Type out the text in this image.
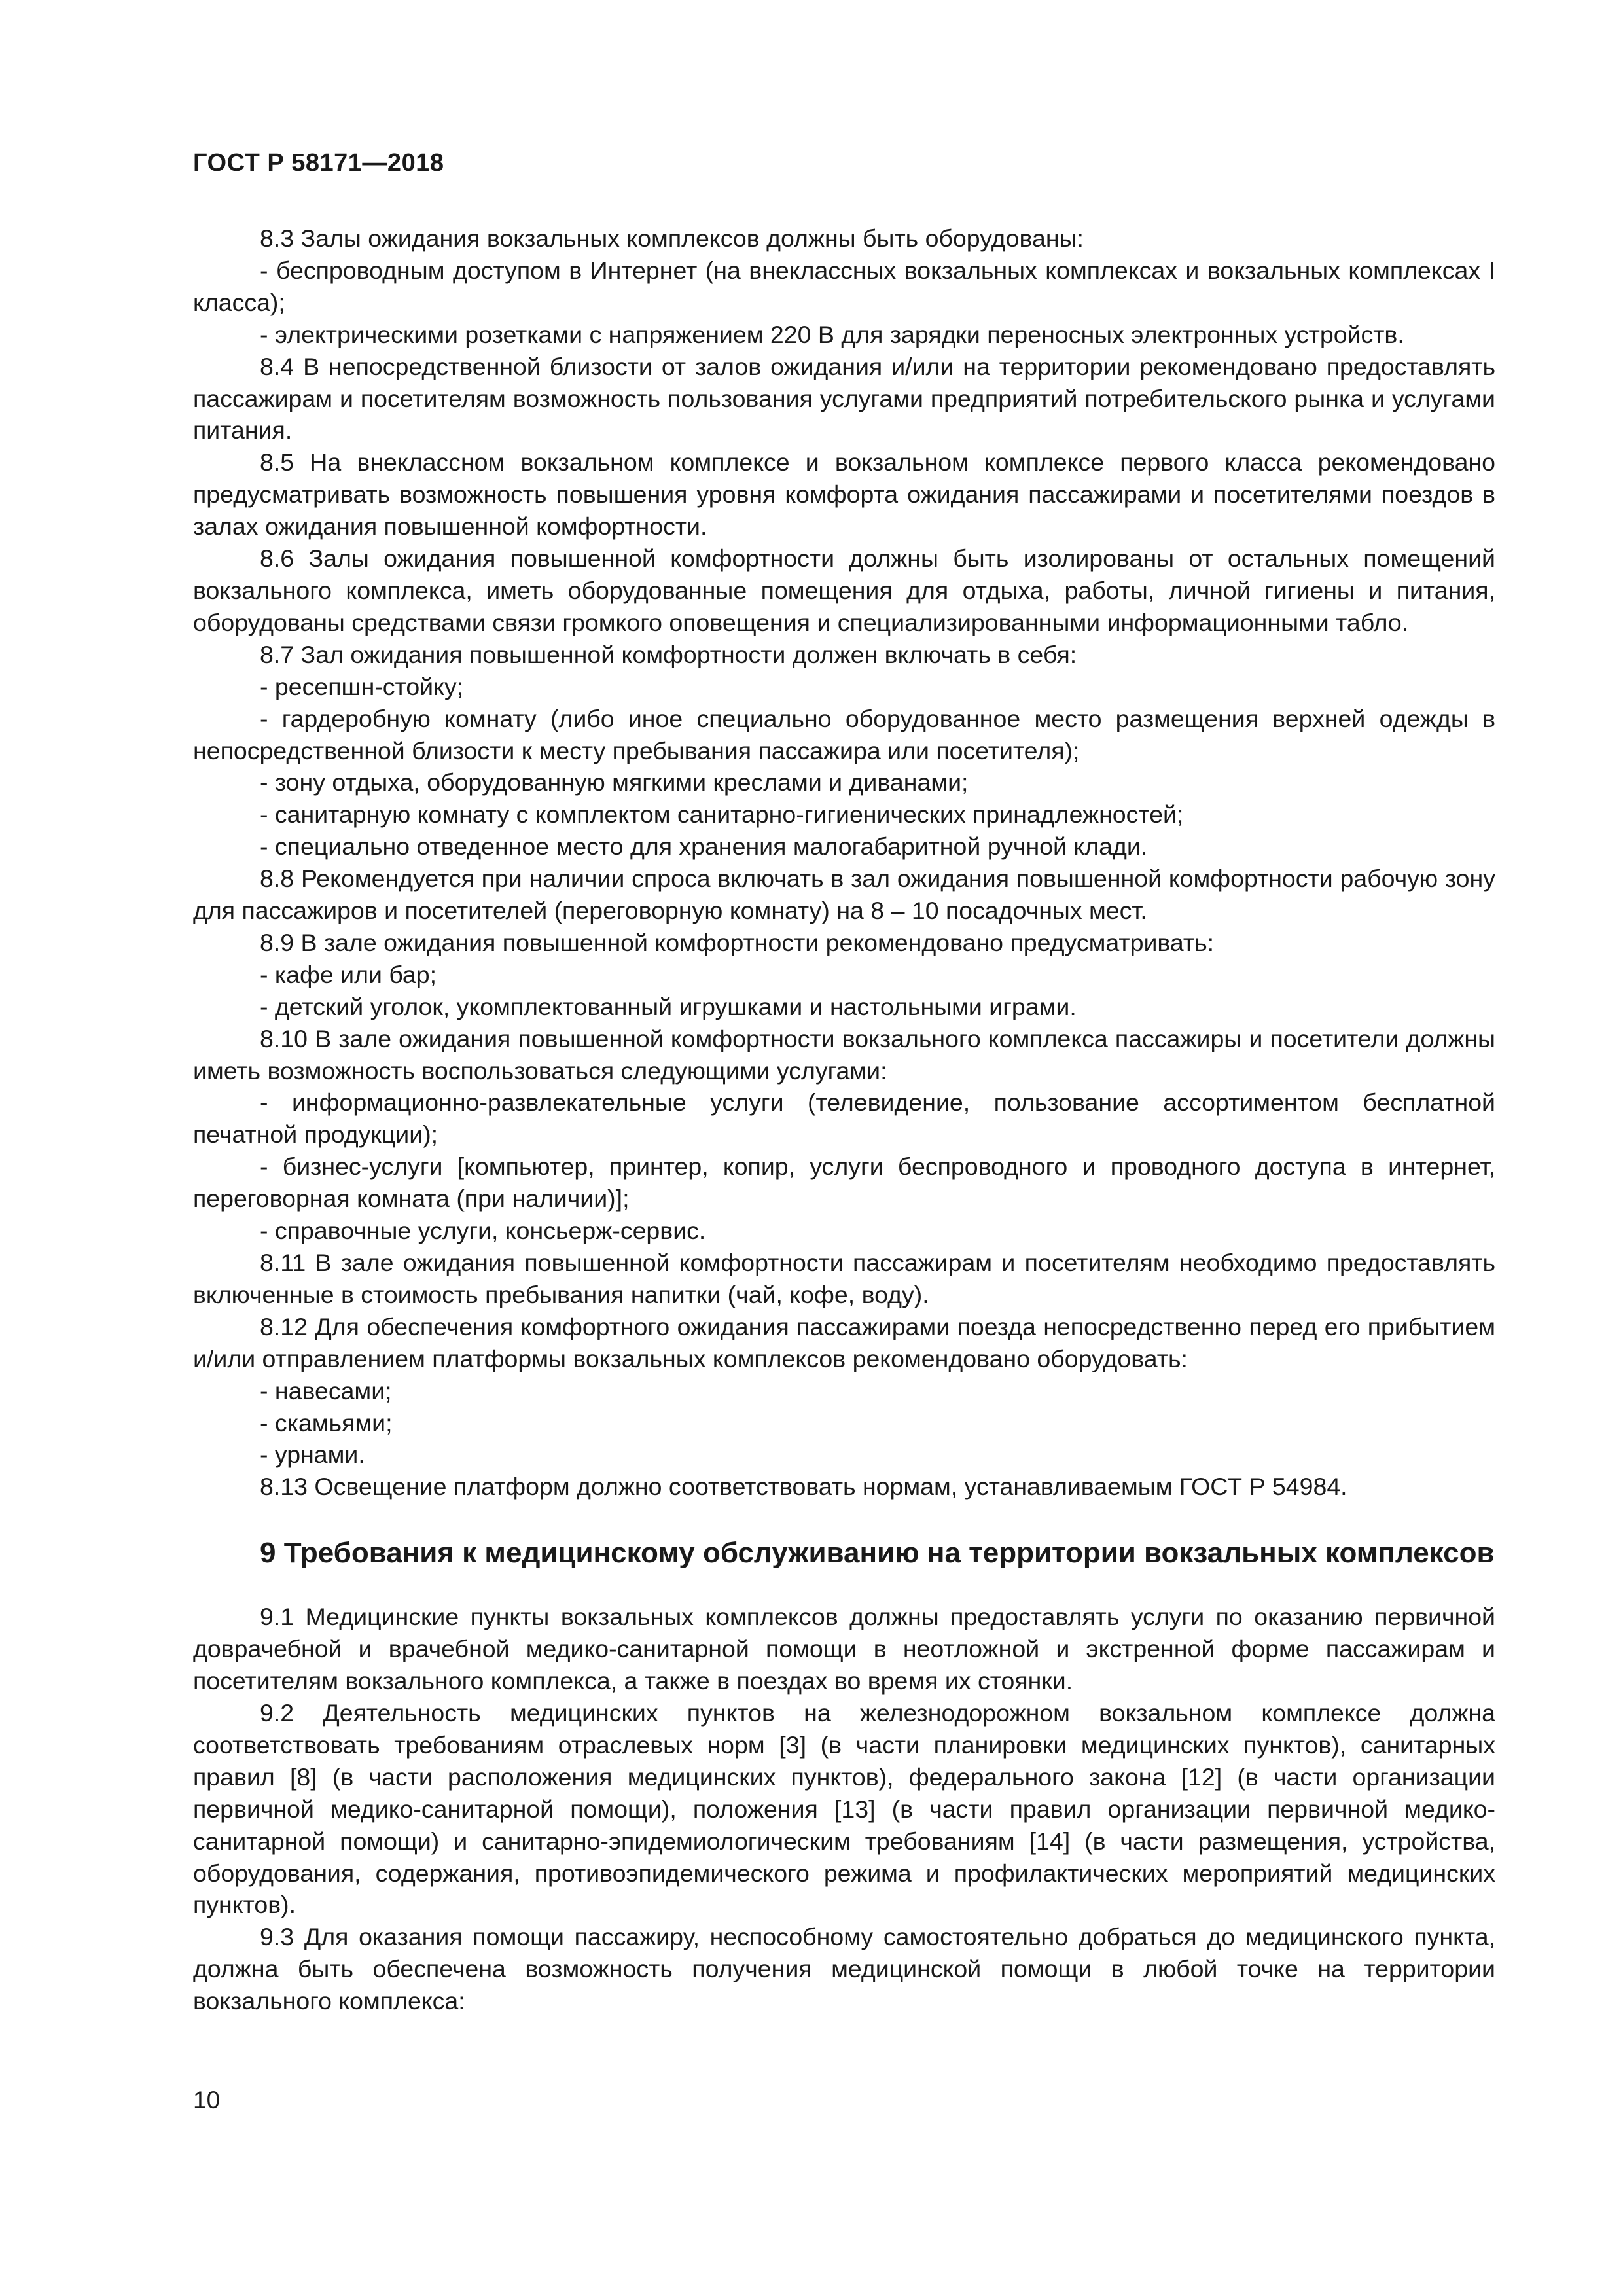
ГОСТ Р 58171—2018

8.3 Залы ожидания вокзальных комплексов должны быть оборудованы:

- беспроводным доступом в Интернет (на внеклассных вокзальных комплексах и вокзальных комплексах I класса);

- электрическими розетками с напряжением 220 В для зарядки переносных электронных устройств.

8.4 В непосредственной близости от залов ожидания и/или на территории рекомендовано предоставлять пассажирам и посетителям возможность пользования услугами предприятий потребительского рынка и услугами питания.

8.5 На внеклассном вокзальном комплексе и вокзальном комплексе первого класса рекомендовано предусматривать возможность повышения уровня комфорта ожидания пассажирами и посетителями поездов в залах ожидания повышенной комфортности.

8.6 Залы ожидания повышенной комфортности должны быть изолированы от остальных помещений вокзального комплекса, иметь оборудованные помещения для отдыха, работы, личной гигиены и питания, оборудованы средствами связи громкого оповещения и специализированными информационными табло.

8.7 Зал ожидания повышенной комфортности должен включать в себя:

- ресепшн-стойку;

- гардеробную комнату (либо иное специально оборудованное место размещения верхней одежды в непосредственной близости к месту пребывания пассажира или посетителя);

- зону отдыха, оборудованную мягкими креслами и диванами;

- санитарную комнату с комплектом санитарно-гигиенических принадлежностей;

- специально отведенное место для хранения малогабаритной ручной клади.

8.8 Рекомендуется при наличии спроса включать в зал ожидания повышенной комфортности рабочую зону для пассажиров и посетителей (переговорную комнату) на 8 – 10 посадочных мест.

8.9 В зале ожидания повышенной комфортности рекомендовано предусматривать:

- кафе или бар;

- детский уголок, укомплектованный игрушками и настольными играми.

8.10 В зале ожидания повышенной комфортности вокзального комплекса пассажиры и посетители должны иметь возможность воспользоваться следующими услугами:

- информационно-развлекательные услуги (телевидение, пользование ассортиментом бесплатной печатной продукции);

- бизнес-услуги [компьютер, принтер, копир, услуги беспроводного и проводного доступа в интернет, переговорная комната (при наличии)];

- справочные услуги, консьерж-сервис.

8.11 В зале ожидания повышенной комфортности пассажирам и посетителям необходимо предоставлять включенные в стоимость пребывания напитки (чай, кофе, воду).

8.12 Для обеспечения комфортного ожидания пассажирами поезда непосредственно перед его прибытием и/или отправлением платформы вокзальных комплексов рекомендовано оборудовать:

- навесами;

- скамьями;

- урнами.

8.13 Освещение платформ должно соответствовать нормам, устанавливаемым ГОСТ Р 54984.

9 Требования к медицинскому обслуживанию на территории вокзальных комплексов

9.1 Медицинские пункты вокзальных комплексов должны предоставлять услуги по оказанию первичной доврачебной и врачебной медико-санитарной помощи в неотложной и экстренной форме пассажирам и посетителям вокзального комплекса, а также в поездах во время их стоянки.

9.2 Деятельность медицинских пунктов на железнодорожном вокзальном комплексе должна соответствовать требованиям отраслевых норм [3] (в части планировки медицинских пунктов), санитарных правил [8] (в части расположения медицинских пунктов), федерального закона [12] (в части организации первичной медико-санитарной помощи), положения [13] (в части правил организации первичной медико-санитарной помощи) и санитарно-эпидемиологическим требованиям [14] (в части размещения, устройства, оборудования, содержания, противоэпидемического режима и профилактических мероприятий медицинских пунктов).

9.3 Для оказания помощи пассажиру, неспособному самостоятельно добраться до медицинского пункта, должна быть обеспечена возможность получения медицинской помощи в любой точке на территории вокзального комплекса:

10
